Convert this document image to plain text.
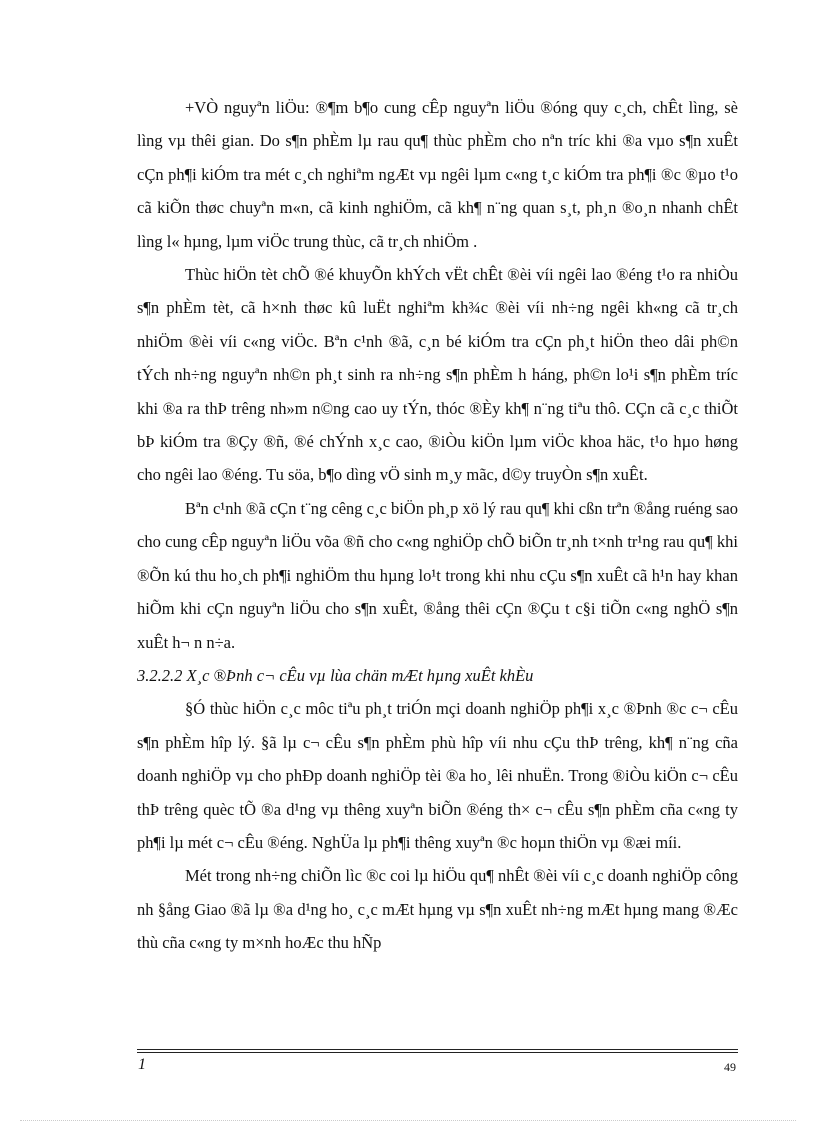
+VÒ nguyªn liÖu: ®¶m b¶o cung cÊp nguyªn liÖu ®óng quy c¸ch, chÊt lìng, sè lìng vµ thêi gian. Do s¶n phÈm lµ rau qu¶ thùc phÈm cho nªn tríc khi ®a vµo s¶n xuÊt cÇn ph¶i kiÓm tra mét c¸ch nghiªm ngÆt vµ ngêi lµm c«ng t¸c kiÓm tra ph¶i ®c ®µo t¹o cã kiÕn thøc chuyªn m«n, cã kinh nghiÖm, cã kh¶ n¨ng quan s¸t, ph¸n ®o¸n nhanh chÊt lìng l« hµng, lµm viÖc trung thùc, cã tr¸ch nhiÖm .

Thùc hiÖn tèt chÕ ®é khuyÕn khÝch vËt chÊt ®èi víi ngêi lao ®éng t¹o ra nhiÒu s¶n phÈm tèt, cã h×nh thøc kû luËt nghiªm kh¾c ®èi víi nh÷ng ngêi kh«ng cã tr¸ch nhiÖm ®èi víi c«ng viÖc. Bªn c¹nh ®ã, c¸n bé kiÓm tra cÇn ph¸t hiÖn theo dâi ph©n tÝch nh÷ng nguyªn nh©n ph¸t sinh ra nh÷ng s¶n phÈm h háng, ph©n lo¹i s¶n phÈm tríc khi ®a ra thÞ trêng nh»m n©ng cao uy tÝn, thóc ®Èy kh¶ n¨ng tiªu thô. CÇn cã c¸c thiÕt bÞ kiÓm tra ®Çy ®ñ, ®é chÝnh x¸c cao, ®iÒu kiÖn lµm viÖc khoa häc, t¹o hµo høng cho ngêi lao ®éng. Tu söa, b¶o dìng vÖ sinh m¸y mãc, d©y truyÒn s¶n xuÊt.

Bªn c¹nh ®ã cÇn t¨ng cêng c¸c biÖn ph¸p xö lý rau qu¶ khi cßn trªn ®ång ruéng sao cho cung cÊp nguyªn liÖu võa ®ñ cho c«ng nghiÖp chÕ biÕn tr¸nh t×nh tr¹ng rau qu¶ khi ®Õn kú thu ho¸ch ph¶i nghiÖm thu hµng lo¹t trong khi nhu cÇu s¶n xuÊt cã h¹n hay khan hiÕm khi cÇn nguyªn liÖu cho s¶n xuÊt, ®ång thêi cÇn ®Çu t c§i tiÕn c«ng nghÖ s¶n xuÊt h¬ n n÷a.

3.2.2.2 X¸c ®Þnh c¬ cÊu vµ lùa chän mÆt hµng xuÊt khÈu

§Ó thùc hiÖn c¸c môc tiªu ph¸t triÓn mçi doanh nghiÖp ph¶i x¸c ®Þnh ®c c¬ cÊu s¶n phÈm hîp lý. §ã lµ c¬ cÊu s¶n phÈm phù hîp víi nhu cÇu thÞ trêng, kh¶ n¨ng cña doanh nghiÖp vµ cho phÐp doanh nghiÖp tèi ®a ho¸ lêi nhuËn. Trong ®iÒu kiÖn c¬ cÊu thÞ trêng quèc tÕ ®a d¹ng vµ thêng xuyªn biÕn ®éng th× c¬ cÊu s¶n phÈm cña c«ng ty ph¶i lµ mét c¬ cÊu ®éng. NghÜa lµ ph¶i thêng xuyªn ®c hoµn thiÖn vµ ®æi míi.

Mét trong nh÷ng chiÕn lìc ®c coi lµ hiÖu qu¶ nhÊt ®èi víi c¸c doanh nghiÖp công nh §ång Giao ®ã lµ ®a d¹ng ho¸ c¸c mÆt hµng vµ s¶n xuÊt nh÷ng mÆt hµng mang ®Æc thù cña c«ng ty m×nh hoÆc thu hÑp

1	49
